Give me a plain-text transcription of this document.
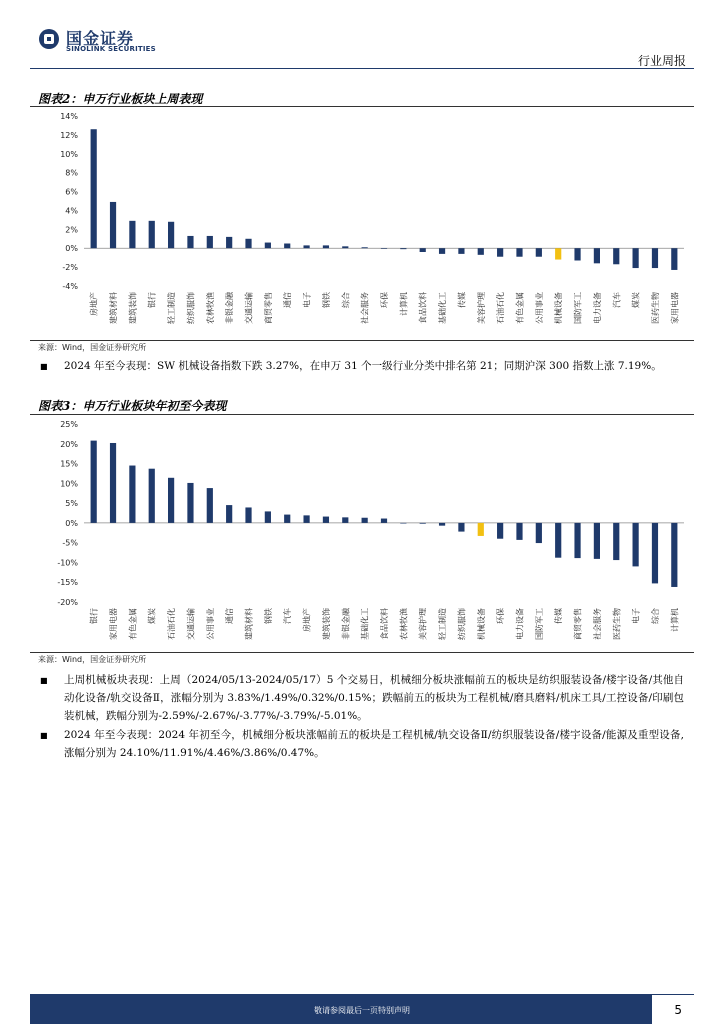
国金证券
SINOLINK SECURITIES
行业周报
图表2：申万行业板块上周表现
-4%
-2%
0%
2%
4%
6%
8%
10%
12%
14%
房地产 建筑材料 建筑装饰 银行 轻工制造 纺织服饰 农林牧渔 非银金融 交通运输 商贸零售 通信 电子 钢铁 综合 社会服务 环保 计算机 食品饮料 基础化工 传媒 美容护理 石油石化 有色金属 公用事业 机械设备 国防军工 电力设备 汽车 煤炭 医药生物 家用电器
来源：Wind，国金证券研究所
■ 2024 年至今表现：SW 机械设备指数下跌 3.27%，在申万 31 个一级行业分类中排名第 21；同期沪深 300 指数上涨 7.19%。
图表3：申万行业板块年初至今表现
-20%
-15%
-10%
-5%
0%
5%
10%
15%
20%
25%
银行 家用电器 有色金属 煤炭 石油石化 交通运输 公用事业 通信 建筑材料 钢铁 汽车 房地产 建筑装饰 非银金融 基础化工 食品饮料 农林牧渔 美容护理 轻工制造 纺织服饰 机械设备 环保 电力设备 国防军工 传媒 商贸零售 社会服务 医药生物 电子 综合 计算机
来源：Wind，国金证券研究所
■ 上周机械板块表现：上周（2024/05/13-2024/05/17）5 个交易日，机械细分板块涨幅前五的板块是纺织服装设备/楼宇设备/其他自动化设备/轨交设备Ⅱ，涨幅分别为 3.83%/1.49%/0.32%/0.15%；跌幅前五的板块为工程机械/磨具磨料/机床工具/工控设备/印刷包装机械，跌幅分别为-2.59%/-2.67%/-3.77%/-3.79%/-5.01%。
■ 2024 年至今表现：2024 年初至今，机械细分板块涨幅前五的板块是工程机械/轨交设备Ⅱ/纺织服装设备/楼宇设备/能源及重型设备,涨幅分别为 24.10%/11.91%/4.46%/3.86%/0.47%。
敬请参阅最后一页特别声明	5
